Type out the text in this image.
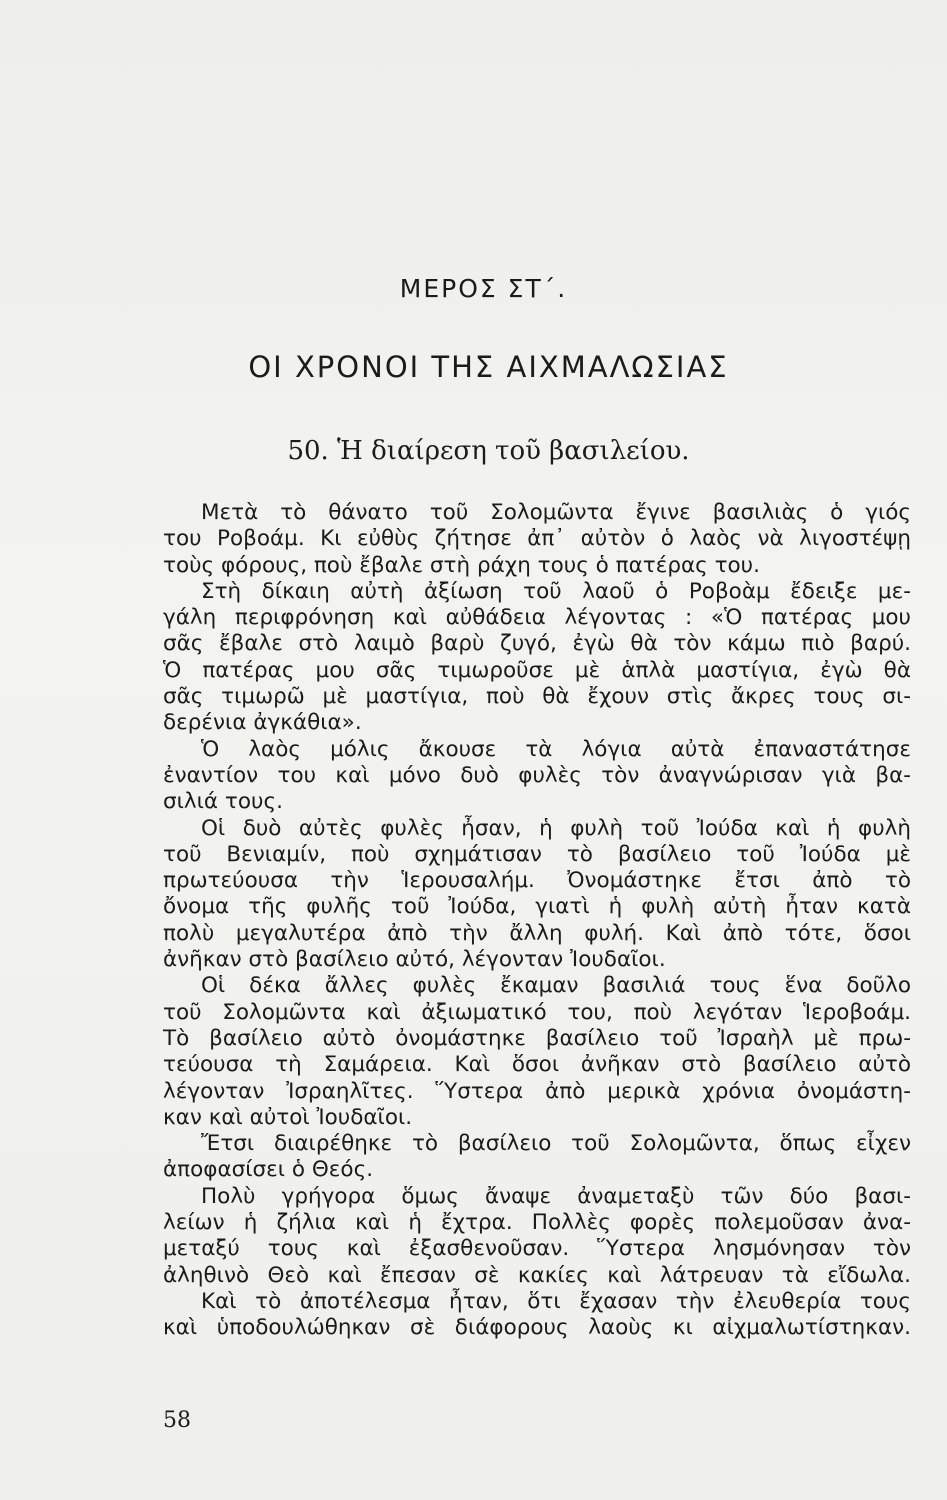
ΜΕΡΟΣ ΣΤ΄.
ΟΙ ΧΡΟΝΟΙ ΤΗΣ ΑΙΧΜΑΛΩΣΙΑΣ
50. Ἡ διαίρεση τοῦ βασιλείου.
Μετὰ τὸ θάνατο τοῦ Σολομῶντα ἔγινε βασιλιὰς ὁ γιός
του Ροβοάμ. Κι εὐθὺς ζήτησε ἀπ᾽ αὐτὸν ὁ λαὸς νὰ λιγοστέψῃ
τοὺς φόρους, ποὺ ἔβαλε στὴ ράχη τους ὁ πατέρας του.
Στὴ δίκαιη αὐτὴ ἀξίωση τοῦ λαοῦ ὁ Ροβοὰμ ἔδειξε με-
γάλη περιφρόνηση καὶ αὐθάδεια λέγοντας : «Ὁ πατέρας μου
σᾶς ἔβαλε στὸ λαιμὸ βαρὺ ζυγό, ἐγὼ θὰ τὸν κάμω πιὸ βαρύ.
Ὁ πατέρας μου σᾶς τιμωροῦσε μὲ ἁπλὰ μαστίγια, ἐγὼ θὰ
σᾶς τιμωρῶ μὲ μαστίγια, ποὺ θὰ ἔχουν στὶς ἄκρες τους σι-
δερένια ἀγκάθια».
Ὁ λαὸς μόλις ἄκουσε τὰ λόγια αὐτὰ ἐπαναστάτησε
ἐναντίον του καὶ μόνο δυὸ φυλὲς τὸν ἀναγνώρισαν γιὰ βα-
σιλιά τους.
Οἱ δυὸ αὐτὲς φυλὲς ἦσαν, ἡ φυλὴ τοῦ Ἰούδα καὶ ἡ φυλὴ
τοῦ Βενιαμίν, ποὺ σχημάτισαν τὸ βασίλειο τοῦ Ἰούδα μὲ
πρωτεύουσα τὴν Ἱερουσαλήμ. Ὀνομάστηκε ἔτσι ἀπὸ τὸ
ὄνομα τῆς φυλῆς τοῦ Ἰούδα, γιατὶ ἡ φυλὴ αὐτὴ ἦταν κατὰ
πολὺ μεγαλυτέρα ἀπὸ τὴν ἄλλη φυλή. Καὶ ἀπὸ τότε, ὅσοι
ἀνῆκαν στὸ βασίλειο αὐτό, λέγονταν Ἰουδαῖοι.
Οἱ δέκα ἄλλες φυλὲς ἔκαμαν βασιλιά τους ἕνα δοῦλο
τοῦ Σολομῶντα καὶ ἀξιωματικό του, ποὺ λεγόταν Ἱεροβοάμ.
Τὸ βασίλειο αὐτὸ ὀνομάστηκε βασίλειο τοῦ Ἰσραὴλ μὲ πρω-
τεύουσα τὴ Σαμάρεια. Καὶ ὅσοι ἀνῆκαν στὸ βασίλειο αὐτὸ
λέγονταν Ἰσραηλῖτες. Ὕστερα ἀπὸ μερικὰ χρόνια ὀνομάστη-
καν καὶ αὐτοὶ Ἰουδαῖοι.
Ἔτσι διαιρέθηκε τὸ βασίλειο τοῦ Σολομῶντα, ὅπως εἶχεν
ἀποφασίσει ὁ Θεός.
Πολὺ γρήγορα ὅμως ἄναψε ἀναμεταξὺ τῶν δύο βασι-
λείων ἡ ζήλια καὶ ἡ ἔχτρα. Πολλὲς φορὲς πολεμοῦσαν ἀνα-
μεταξύ τους καὶ ἐξασθενοῦσαν. Ὕστερα λησμόνησαν τὸν
ἀληθινὸ Θεὸ καὶ ἔπεσαν σὲ κακίες καὶ λάτρευαν τὰ εἴδωλα.
Καὶ τὸ ἀποτέλεσμα ἦταν, ὅτι ἔχασαν τὴν ἐλευθερία τους
καὶ ὑποδουλώθηκαν σὲ διάφορους λαοὺς κι αἰχμαλωτίστηκαν.
58
